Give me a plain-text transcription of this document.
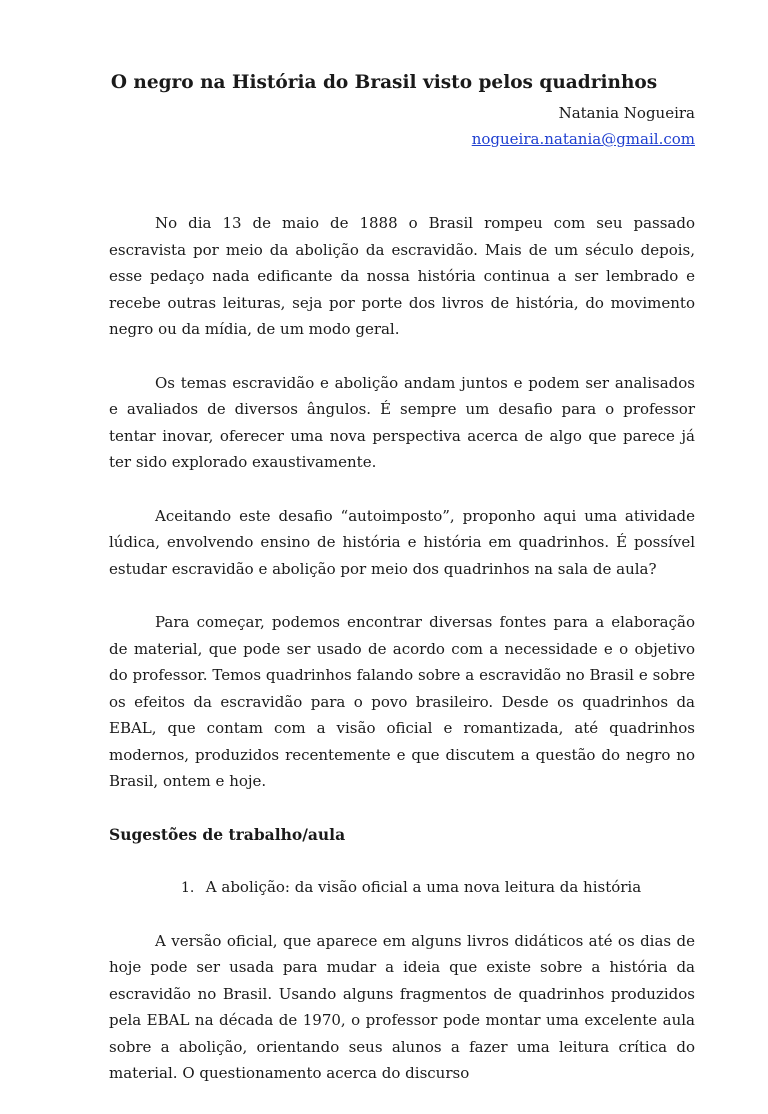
O negro na História do Brasil visto pelos quadrinhos
Natania Nogueira
nogueira.natania@gmail.com

No dia 13 de maio de 1888 o Brasil rompeu com seu passado escravista por meio da abolição da escravidão. Mais de um século depois, esse pedaço nada edificante da nossa história continua a ser lembrado e recebe outras leituras, seja por porte dos livros de história, do movimento negro ou da mídia, de um modo geral.

Os temas escravidão e abolição andam juntos e podem ser analisados e avaliados de diversos ângulos. É sempre um desafio para o professor tentar inovar, oferecer uma nova perspectiva acerca de algo que parece já ter sido explorado exaustivamente.

Aceitando este desafio “autoimposto”, proponho aqui uma atividade lúdica, envolvendo ensino de história e história em quadrinhos. É possível estudar escravidão e abolição por meio dos quadrinhos na sala de aula?

Para começar, podemos encontrar diversas fontes para a elaboração de material, que pode ser usado de acordo com a necessidade e o objetivo do professor. Temos quadrinhos falando sobre a escravidão no Brasil e sobre os efeitos da escravidão para o povo brasileiro. Desde os quadrinhos da EBAL, que contam com a visão oficial e romantizada, até quadrinhos modernos, produzidos recentemente e que discutem a questão do negro no Brasil, ontem e hoje.

Sugestões de trabalho/aula
1. A abolição: da visão oficial a uma nova leitura da história

A versão oficial, que aparece em alguns livros didáticos até os dias de hoje pode ser usada para mudar a ideia que existe sobre a história da escravidão no Brasil. Usando alguns fragmentos de quadrinhos produzidos pela EBAL na década de 1970, o professor pode montar uma excelente aula sobre a abolição, orientando seus alunos a fazer uma leitura crítica do material. O questionamento acerca do discurso
